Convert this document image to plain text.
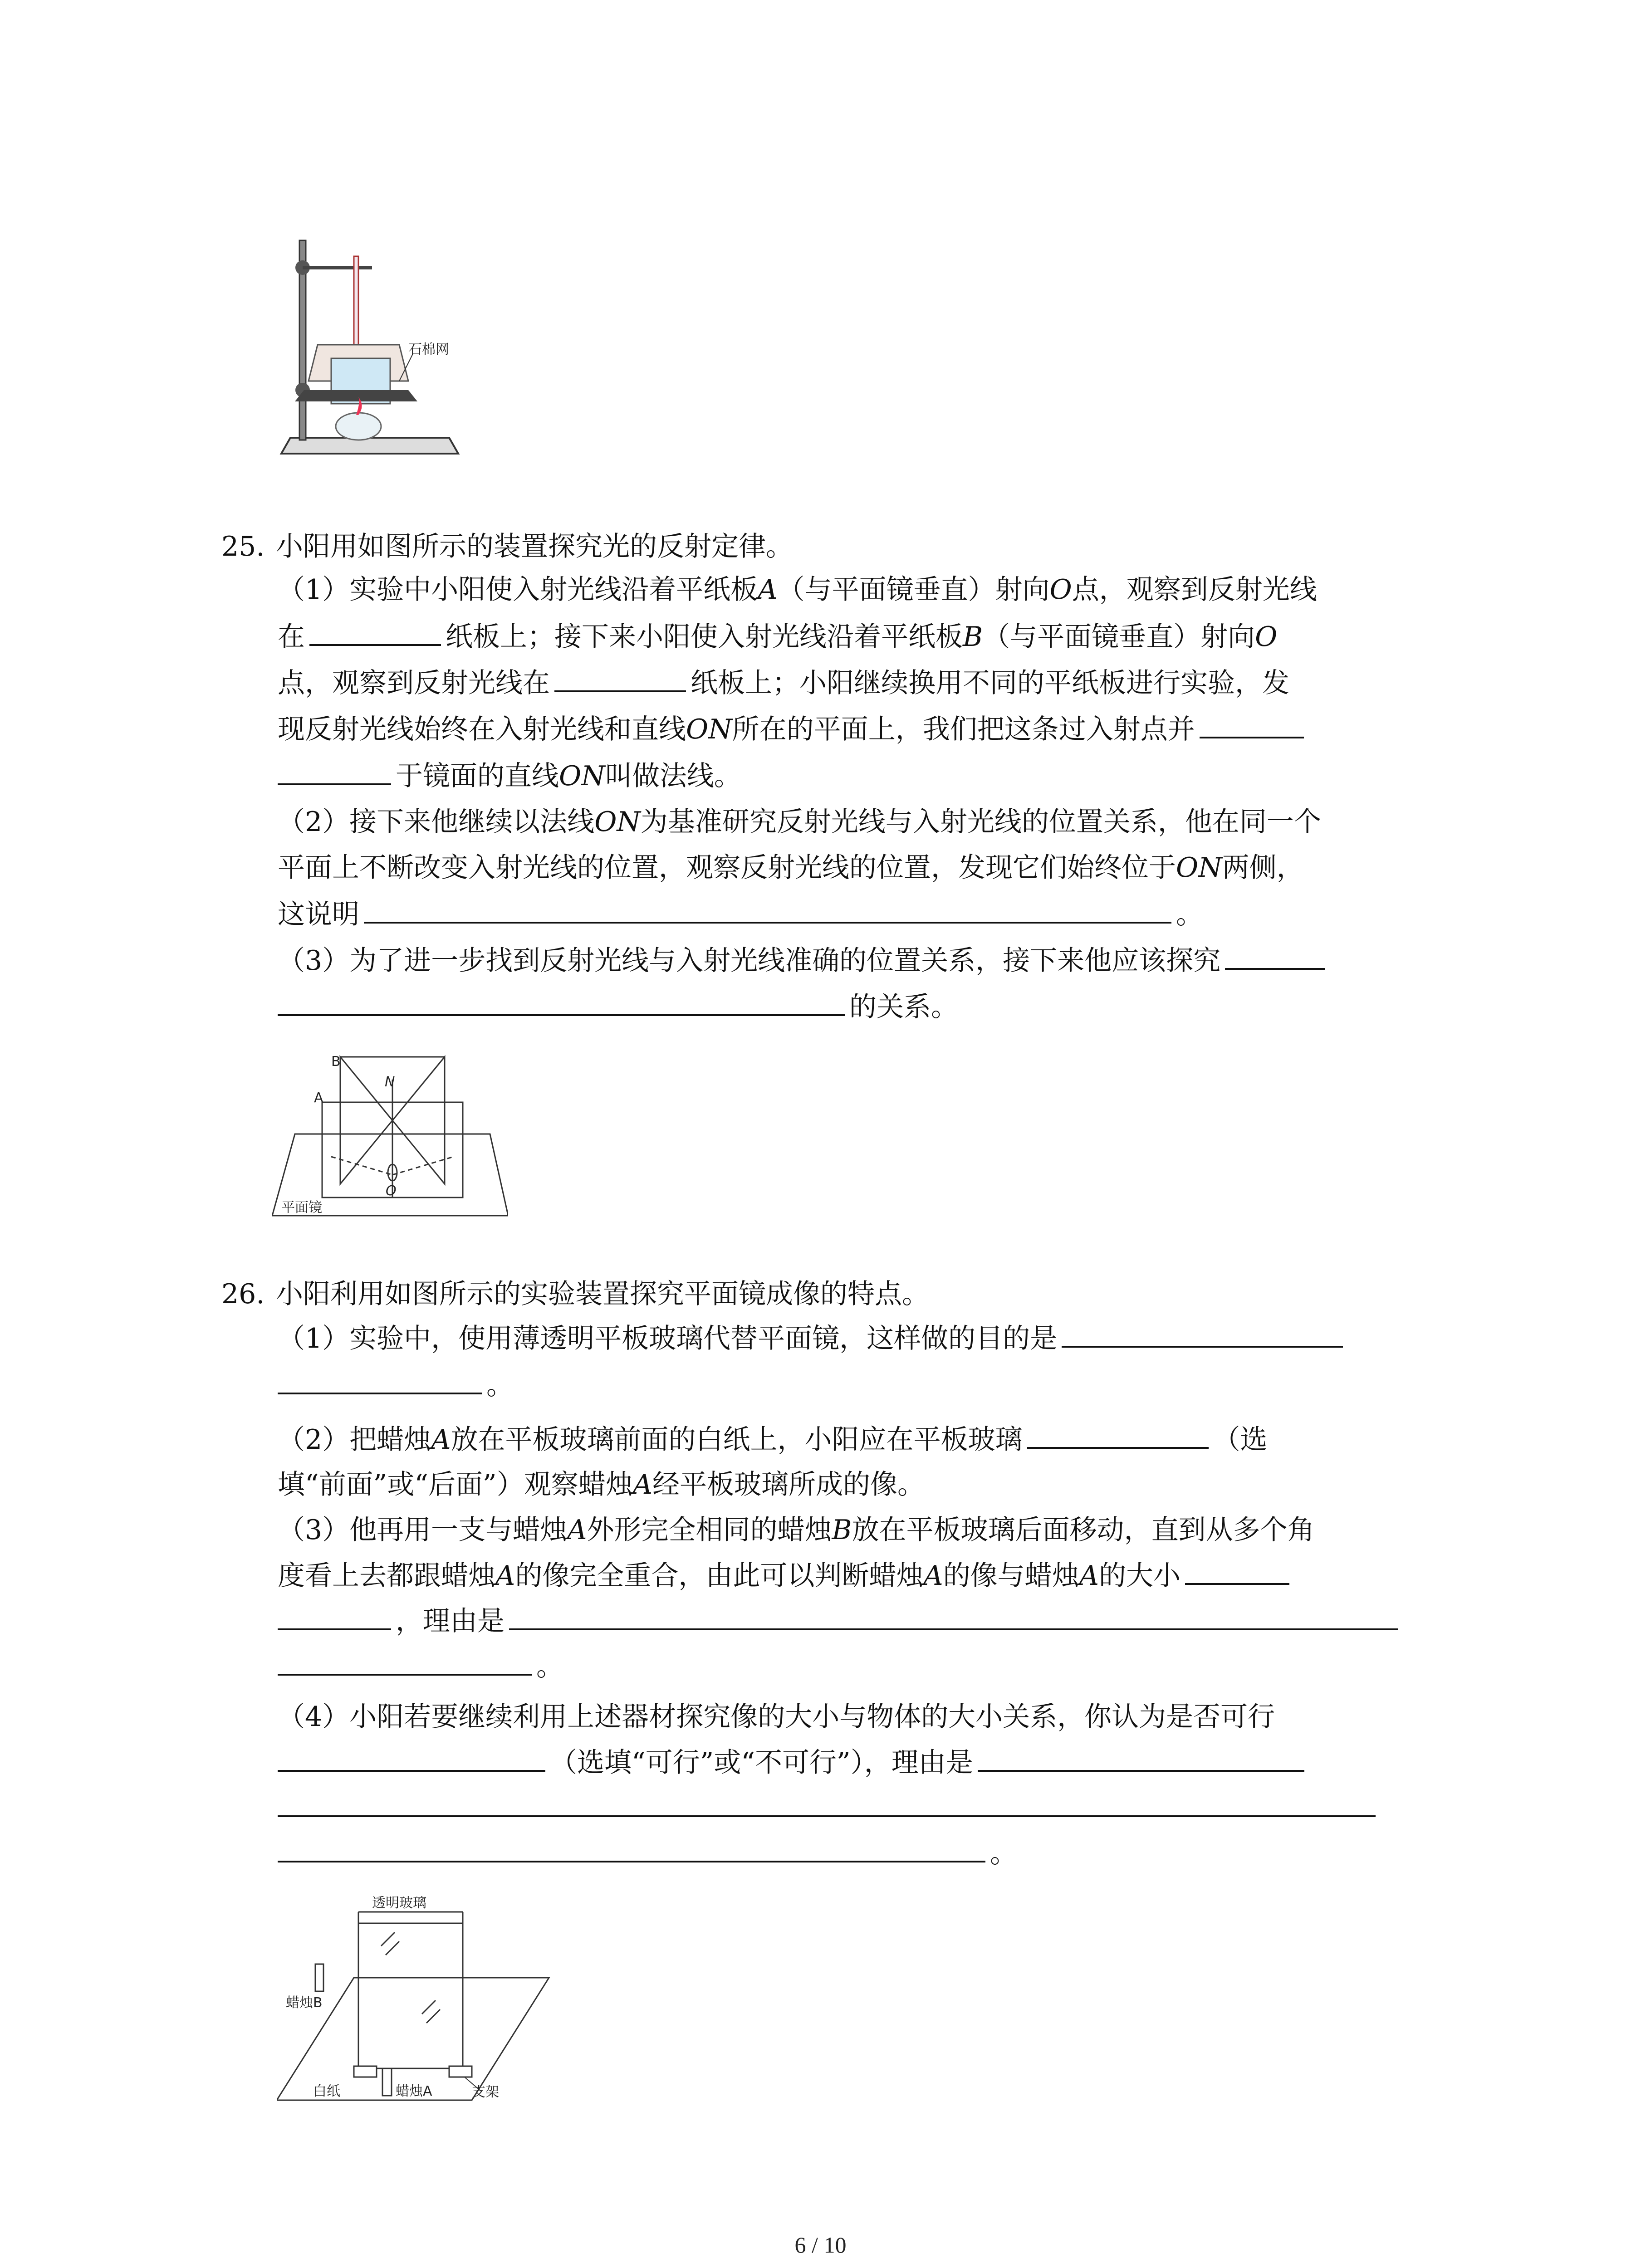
石棉网
25. 小阳用如图所示的装置探究光的反射定律。
（1）实验中小阳使入射光线沿着平纸板A（与平面镜垂直）射向O点，观察到反射光线
在	纸板上；接下来小阳使入射光线沿着平纸板B（与平面镜垂直）射向O
点，观察到反射光线在	纸板上；小阳继续换用不同的平纸板进行实验，发
现反射光线始终在入射光线和直线ON所在的平面上，我们把这条过入射点并
于镜面的直线ON叫做法线。
（2）接下来他继续以法线ON为基准研究反射光线与入射光线的位置关系，他在同一个
平面上不断改变入射光线的位置，观察反射光线的位置，发现它们始终位于ON两侧，
这说明	。
（3）为了进一步找到反射光线与入射光线准确的位置关系，接下来他应该探究
的关系。
B
A
N
O
平面镜
26. 小阳利用如图所示的实验装置探究平面镜成像的特点。
（1）实验中，使用薄透明平板玻璃代替平面镜，这样做的目的是
。
（2）把蜡烛A放在平板玻璃前面的白纸上，小阳应在平板玻璃	（选
填“前面”或“后面”）观察蜡烛A经平板玻璃所成的像。
（3）他再用一支与蜡烛A外形完全相同的蜡烛B放在平板玻璃后面移动，直到从多个角
度看上去都跟蜡烛A的像完全重合，由此可以判断蜡烛A的像与蜡烛A的大小
，理由是
。
（4）小阳若要继续利用上述器材探究像的大小与物体的大小关系，你认为是否可行
（选填“可行”或“不可行”），理由是
。
透明玻璃
蜡烛B
蜡烛A
白纸	支架
6 / 10
